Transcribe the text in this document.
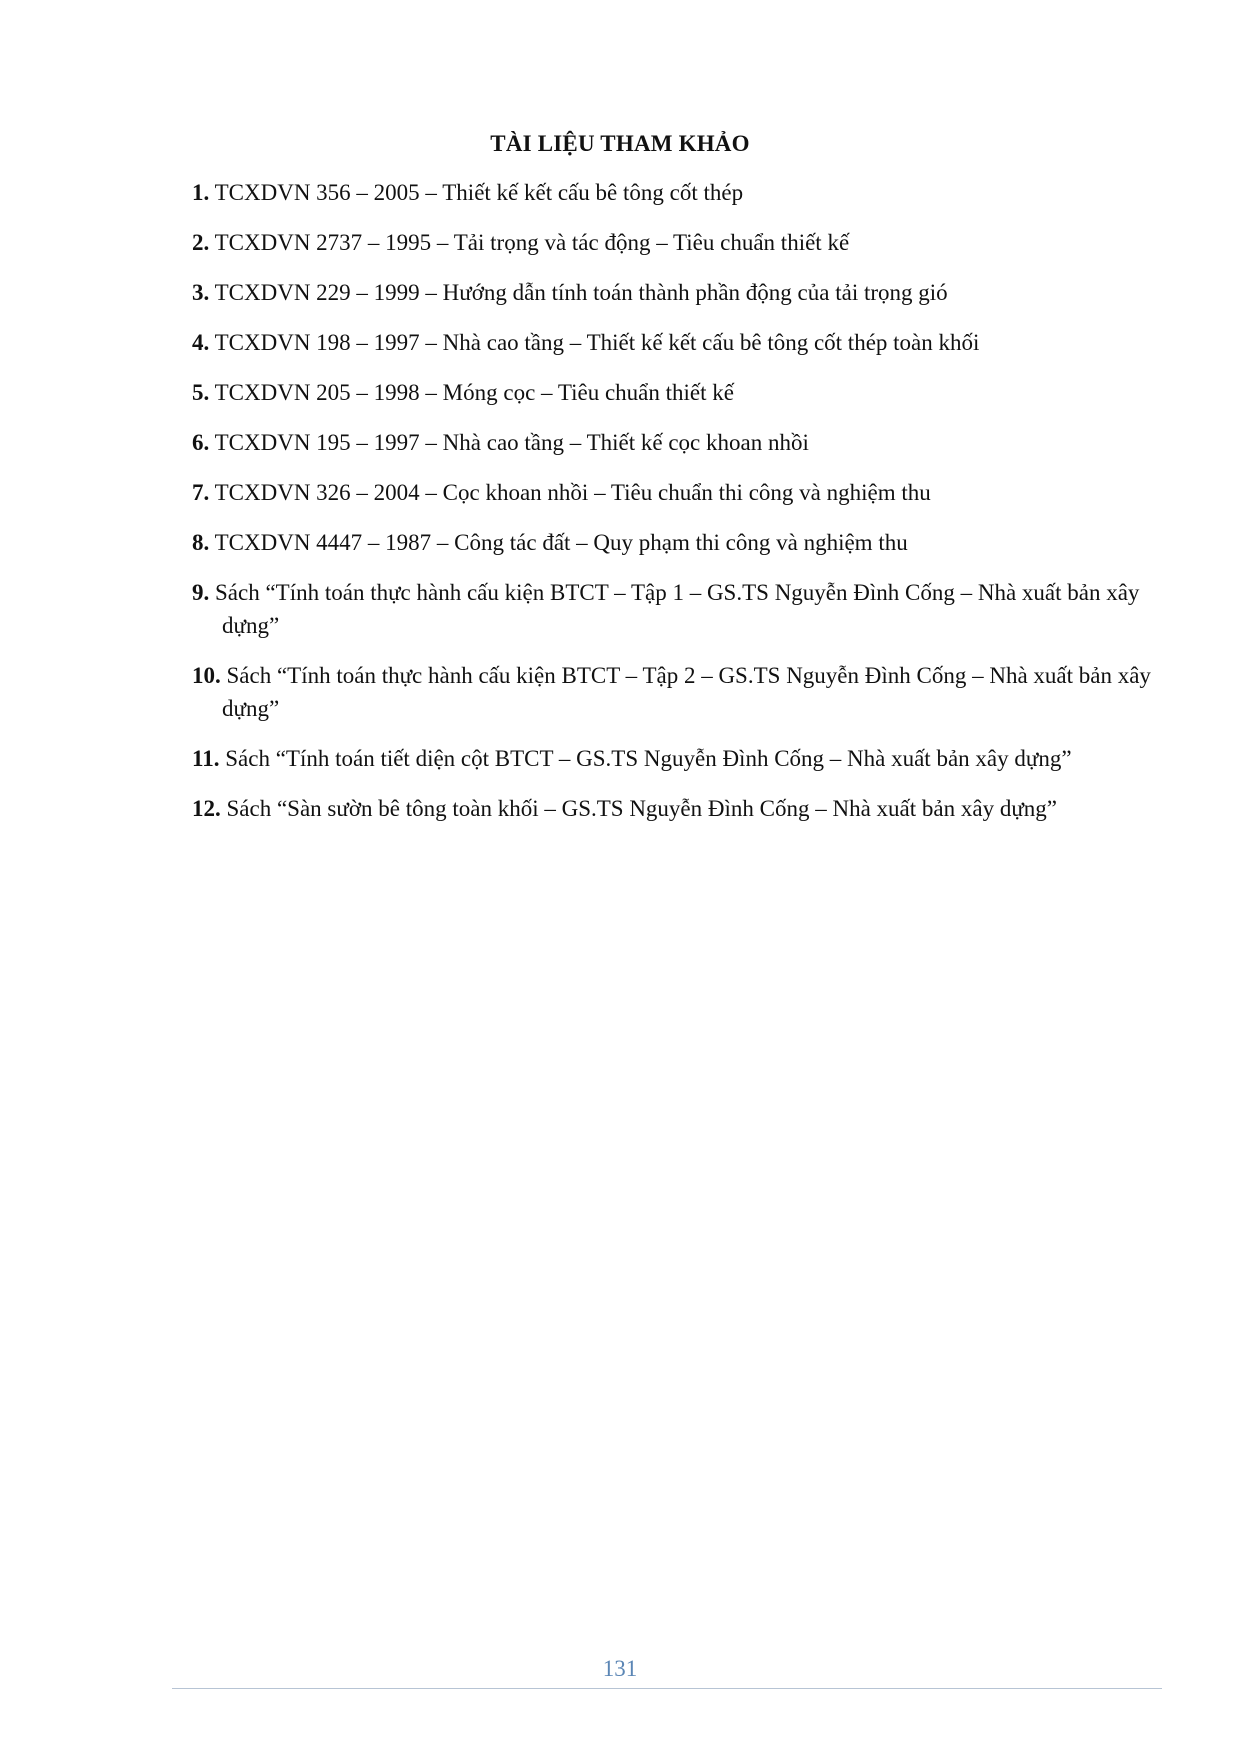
TÀI LIỆU THAM KHẢO
1. TCXDVN 356 – 2005 – Thiết kế kết cấu bê tông cốt thép
2. TCXDVN 2737 – 1995 – Tải trọng và tác động – Tiêu chuẩn thiết kế
3. TCXDVN 229 – 1999 – Hướng dẫn tính toán thành phần động của tải trọng gió
4. TCXDVN 198 – 1997 – Nhà cao tầng – Thiết kế kết cấu bê tông cốt thép toàn khối
5. TCXDVN 205 – 1998 – Móng cọc – Tiêu chuẩn thiết kế
6. TCXDVN 195 – 1997 – Nhà cao tầng – Thiết kế cọc khoan nhồi
7. TCXDVN 326 – 2004 – Cọc khoan nhồi – Tiêu chuẩn thi công và nghiệm thu
8. TCXDVN 4447 – 1987 – Công tác đất – Quy phạm thi công và nghiệm thu
9. Sách “Tính toán thực hành cấu kiện BTCT – Tập 1 – GS.TS Nguyễn Đình Cống – Nhà xuất bản xây dựng”
10. Sách “Tính toán thực hành cấu kiện BTCT – Tập 2 – GS.TS Nguyễn Đình Cống – Nhà xuất bản xây dựng”
11. Sách “Tính toán tiết diện cột BTCT – GS.TS Nguyễn Đình Cống – Nhà xuất bản xây dựng”
12. Sách “Sàn sườn bê tông toàn khối – GS.TS Nguyễn Đình Cống – Nhà xuất bản xây dựng”
131
